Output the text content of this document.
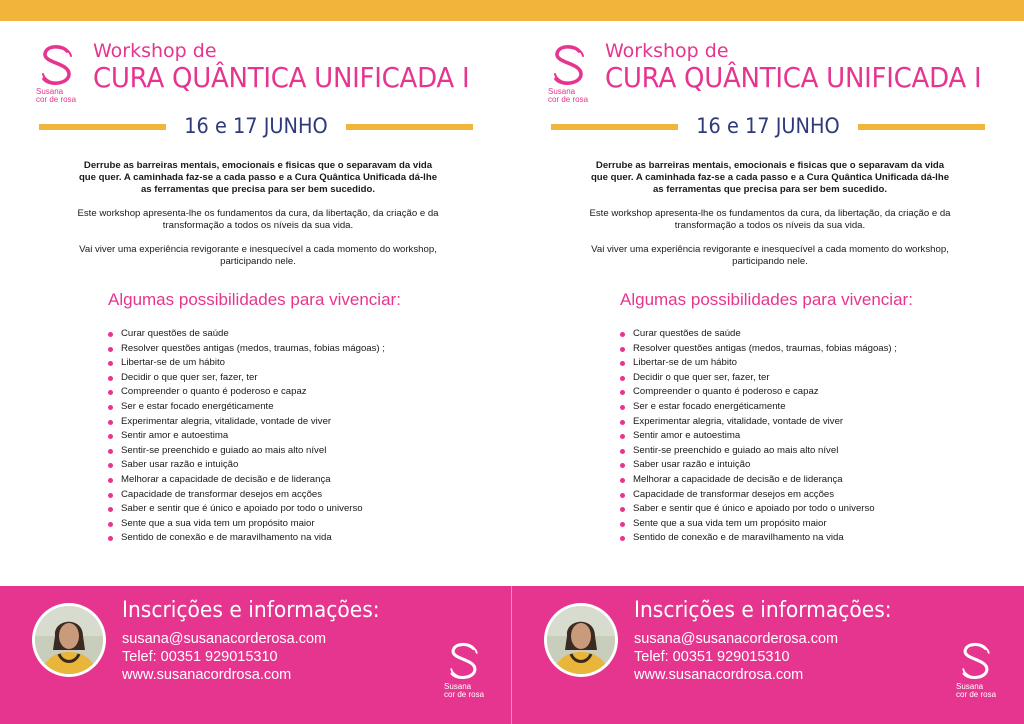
Susana
cor de rosa
Workshop de
CURA QUÂNTICA UNIFICADA I
16 e 17 JUNHO

Derrube as barreiras mentais, emocionais e fisicas que o separavam da vida
que quer. A caminhada faz-se a cada passo e a Cura Quântica Unificada dá-lhe
as ferramentas que precisa para ser bem sucedido.

Este workshop apresenta-lhe os fundamentos da cura, da libertação, da criação e da
transformação a todos os níveis da sua vida.

Vai viver uma experiência revigorante e inesquecível a cada momento do workshop,
participando nele.

Algumas possibilidades para vivenciar:
Curar questões de saúde
Resolver questões antigas (medos, traumas, fobias mágoas) ;
Libertar-se de um hábito
Decidir o que quer ser, fazer, ter
Compreender o quanto é poderoso e capaz
Ser e estar focado energéticamente
Experimentar alegria, vitalidade, vontade de viver
Sentir amor e autoestima
Sentir-se preenchido e guiado ao mais alto nível
Saber usar razão e intuição
Melhorar a capacidade de decisão e de liderança
Capacidade de transformar desejos em acções
Saber e sentir que é único e apoiado por todo o universo
Sente que a sua vida tem um propósito maior
Sentido de conexão e de maravilhamento na vida
Inscrições e informações:
susana@susanacorderosa.com
Telef: 00351 929015310
www.susanacordrosa.com
Susana
cor de rosa
Susana
cor de rosa
Workshop de
CURA QUÂNTICA UNIFICADA I
16 e 17 JUNHO

Derrube as barreiras mentais, emocionais e fisicas que o separavam da vida
que quer. A caminhada faz-se a cada passo e a Cura Quântica Unificada dá-lhe
as ferramentas que precisa para ser bem sucedido.

Este workshop apresenta-lhe os fundamentos da cura, da libertação, da criação e da
transformação a todos os níveis da sua vida.

Vai viver uma experiência revigorante e inesquecível a cada momento do workshop,
participando nele.

Algumas possibilidades para vivenciar:
Curar questões de saúde
Resolver questões antigas (medos, traumas, fobias mágoas) ;
Libertar-se de um hábito
Decidir o que quer ser, fazer, ter
Compreender o quanto é poderoso e capaz
Ser e estar focado energéticamente
Experimentar alegria, vitalidade, vontade de viver
Sentir amor e autoestima
Sentir-se preenchido e guiado ao mais alto nível
Saber usar razão e intuição
Melhorar a capacidade de decisão e de liderança
Capacidade de transformar desejos em acções
Saber e sentir que é único e apoiado por todo o universo
Sente que a sua vida tem um propósito maior
Sentido de conexão e de maravilhamento na vida
Inscrições e informações:
susana@susanacorderosa.com
Telef: 00351 929015310
www.susanacordrosa.com
Susana
cor de rosa
